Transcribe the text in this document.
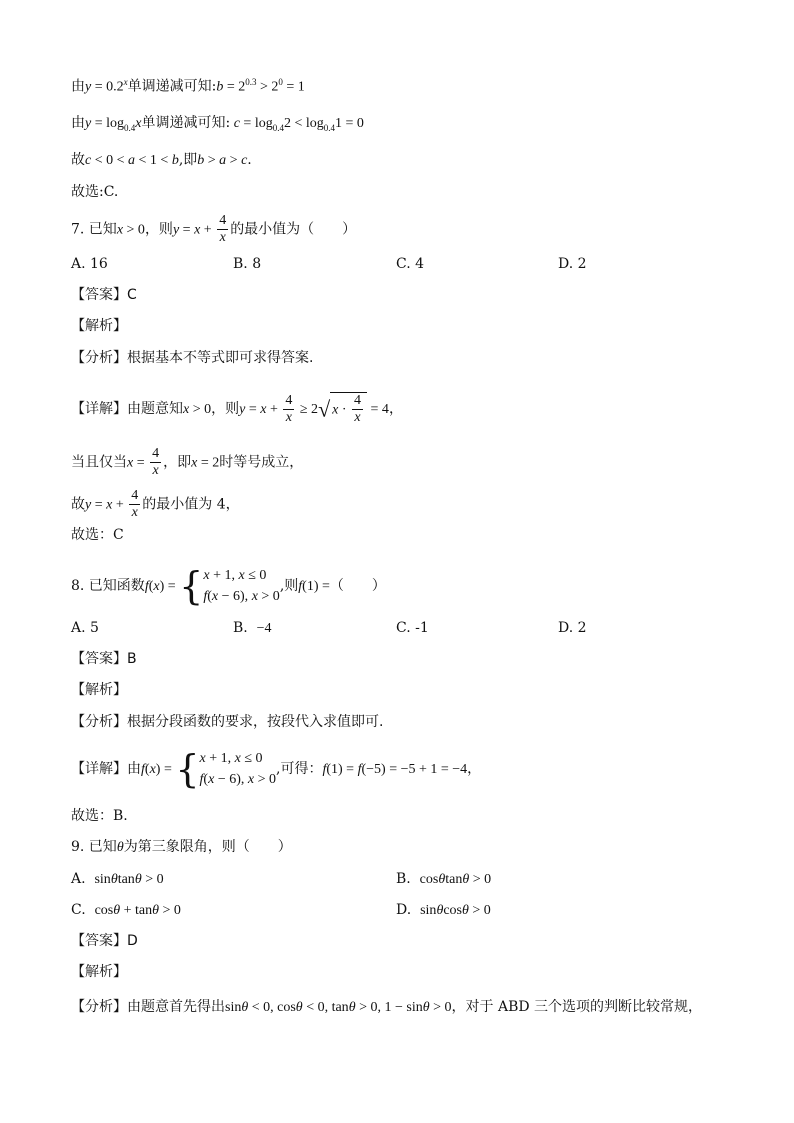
由$y = 0.2^x$单调递减可知:b = $2^{0.3} > 2^0 = 1$
由$y = \log_{0.4}x$单调递减可知: $c = \log_{0.4}2 < \log_{0.4}1 = 0$
故c < 0 < a < 1 < b,即b > a > c.
故选:C.
7. 已知x > 0，则$y = x + \frac{4}{x}$ 的最小值为（　　）
A. 16	B. 8	C. 4	D. 2
【答案】C
【解析】
【分析】根据基本不等式即可求得答案.
【详解】由题意知x > 0，则$y = x + \frac{4}{x} \ge 2√$ $x \cdot \frac{4}{x} = 4$，
当且仅当$x = \frac{4}{x}$ ，即x = 2时等号成立，
故$y = x + \frac{4}{x}$ 的最小值为 4，
故选：C
8. 已知函数f(x) = { x + 1, x ≤ 0
f(x − 6), x > 0
,则f(1) =（　　）
A. 5	B. −4	C. -1	D. 2
【答案】B
【解析】
【分析】根据分段函数的要求，按段代入求值即可.
【详解】由f(x) = { x + 1, x ≤ 0
f(x − 6), x > 0
,可得：f(1) = f(−5) = −5 + 1 = −4，
故选：B.
9. 已知θ为第三象限角，则（　　）
A. sinθtanθ > 0	B. cosθtanθ > 0
C. cosθ + tanθ > 0	D. sinθcosθ > 0
【答案】D
【解析】
【分析】由题意首先得出sinθ < 0, cosθ < 0, tanθ > 0, 1 − sinθ > 0，对于 ABD 三个选项的判断比较常规，
